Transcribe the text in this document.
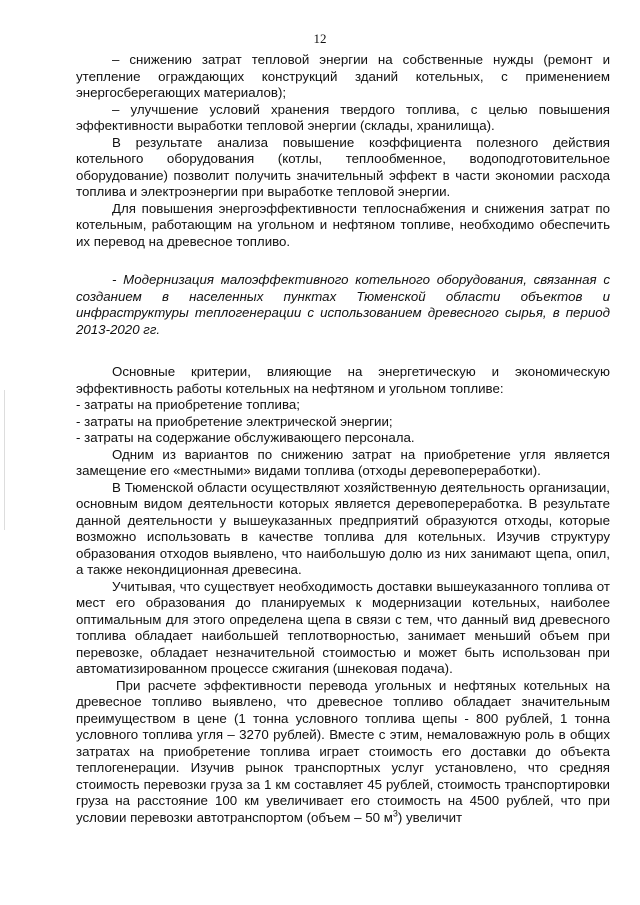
12
– снижению затрат тепловой энергии на собственные нужды (ремонт и утепление ограждающих конструкций зданий котельных, с применением энергосберегающих материалов);
– улучшение условий хранения твердого топлива, с целью повышения эффективности выработки тепловой энергии (склады, хранилища).
В результате анализа повышение коэффициента полезного действия котельного оборудования (котлы, теплообменное, водоподготовительное оборудование) позволит получить значительный эффект в части экономии расхода топлива и электроэнергии при выработке тепловой энергии.
Для повышения энергоэффективности теплоснабжения и снижения затрат по котельным, работающим на угольном и нефтяном топливе, необходимо обеспечить их перевод на древесное топливо.
- Модернизация малоэффективного котельного оборудования, связанная с созданием в населенных пунктах Тюменской области объектов и инфраструктуры теплогенерации с использованием древесного сырья, в период 2013-2020 гг.
Основные критерии, влияющие на энергетическую и экономическую эффективность работы котельных на нефтяном и угольном топливе:
- затраты на приобретение топлива;
- затраты на приобретение электрической энергии;
- затраты на содержание обслуживающего персонала.
Одним из вариантов по снижению затрат на приобретение угля является замещение его «местными» видами топлива (отходы деревопереработки).
В Тюменской области осуществляют хозяйственную деятельность организации, основным видом деятельности которых является деревопереработка. В результате данной деятельности у вышеуказанных предприятий образуются отходы, которые возможно использовать в качестве топлива для котельных. Изучив структуру образования отходов выявлено, что наибольшую долю из них занимают щепа, опил, а также некондиционная древесина.
Учитывая, что существует необходимость доставки вышеуказанного топлива от мест его образования до планируемых к модернизации котельных, наиболее оптимальным для этого определена щепа в связи с тем, что данный вид древесного топлива обладает наибольшей теплотворностью, занимает меньший объем при перевозке, обладает незначительной стоимостью и может быть использован при автоматизированном процессе сжигания (шнековая подача).
При расчете эффективности перевода угольных и нефтяных котельных на древесное топливо выявлено, что древесное топливо обладает значительным преимуществом в цене (1 тонна условного топлива щепы - 800 рублей, 1 тонна условного топлива угля – 3270 рублей). Вместе с этим, немаловажную роль в общих затратах на приобретение топлива играет стоимость его доставки до объекта теплогенерации. Изучив рынок транспортных услуг установлено, что средняя стоимость перевозки груза за 1 км составляет 45 рублей, стоимость транспортировки груза на расстояние 100 км увеличивает его стоимость на 4500 рублей, что при условии перевозки автотранспортом (объем – 50 $м^3$) увеличит
